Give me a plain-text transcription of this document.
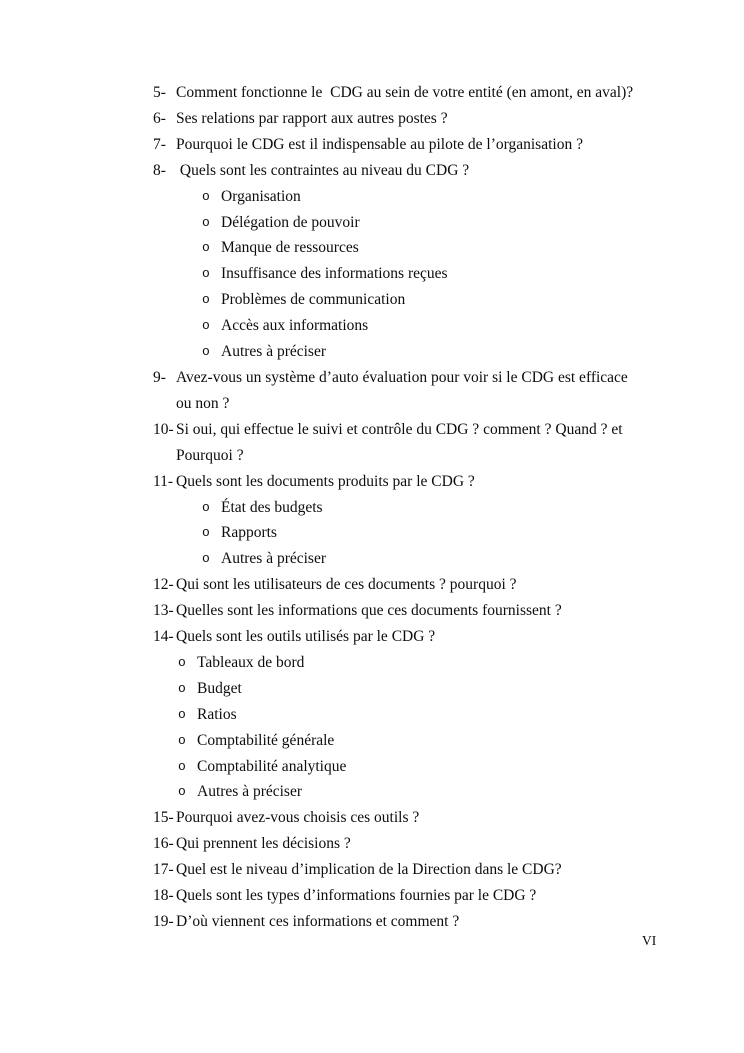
5- Comment fonctionne le  CDG au sein de votre entité (en amont, en aval)?
6- Ses relations par rapport aux autres postes ?
7- Pourquoi le CDG est il indispensable au pilote de l’organisation ?
8- Quels sont les contraintes au niveau du CDG ?
o Organisation
o Délégation de pouvoir
o Manque de ressources
o Insuffisance des informations reçues
o Problèmes de communication
o Accès aux informations
o Autres à préciser
9- Avez-vous un système d’auto évaluation pour voir si le CDG est efficace ou non ?
10- Si oui, qui effectue le suivi et contrôle du CDG ? comment ? Quand ? et Pourquoi ?
11- Quels sont les documents produits par le CDG ?
o État des budgets
o Rapports
o Autres à préciser
12- Qui sont les utilisateurs de ces documents ? pourquoi ?
13- Quelles sont les informations que ces documents fournissent ?
14- Quels sont les outils utilisés par le CDG ?
o Tableaux de bord
o Budget
o Ratios
o Comptabilité générale
o Comptabilité analytique
o Autres à préciser
15- Pourquoi avez-vous choisis ces outils ?
16- Qui prennent les décisions ?
17- Quel est le niveau d’implication de la Direction dans le CDG?
18- Quels sont les types d’informations fournies par le CDG ?
19- D’où viennent ces informations et comment ?
VI
